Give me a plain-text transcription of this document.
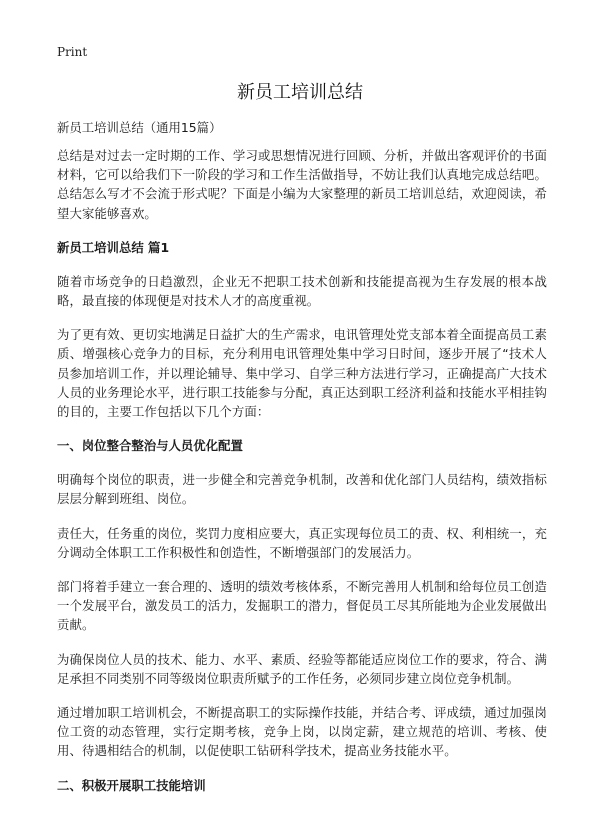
Print
新员工培训总结

新员工培训总结（通用15篇）

总结是对过去一定时期的工作、学习或思想情况进行回顾、分析，并做出客观评价的书面材料，它可以给我们下一阶段的学习和工作生活做指导，不妨让我们认真地完成总结吧。总结怎么写才不会流于形式呢？下面是小编为大家整理的新员工培训总结，欢迎阅读，希望大家能够喜欢。

新员工培训总结 篇1

随着市场竞争的日趋激烈，企业无不把职工技术创新和技能提高视为生存发展的根本战略，最直接的体现便是对技术人才的高度重视。

为了更有效、更切实地满足日益扩大的生产需求，电讯管理处党支部本着全面提高员工素质、增强核心竞争力的目标，充分利用电讯管理处集中学习日时间，逐步开展了“技术人员参加培训工作，并以理论辅导、集中学习、自学三种方法进行学习，正确提高广大技术人员的业务理论水平，进行职工技能参与分配，真正达到职工经济利益和技能水平相挂钩的目的，主要工作包括以下几个方面：

一、岗位整合整治与人员优化配置

明确每个岗位的职责，进一步健全和完善竞争机制，改善和优化部门人员结构，绩效指标层层分解到班组、岗位。

责任大，任务重的岗位，奖罚力度相应要大，真正实现每位员工的责、权、利相统一，充分调动全体职工工作积极性和创造性，不断增强部门的发展活力。

部门将着手建立一套合理的、透明的绩效考核体系，不断完善用人机制和给每位员工创造一个发展平台，激发员工的活力，发掘职工的潜力，督促员工尽其所能地为企业发展做出贡献。

为确保岗位人员的技术、能力、水平、素质、经验等都能适应岗位工作的要求，符合、满足承担不同类别不同等级岗位职责所赋予的工作任务，必须同步建立岗位竞争机制。

通过增加职工培训机会，不断提高职工的实际操作技能，并结合考、评成绩，通过加强岗位工资的动态管理，实行定期考核，竞争上岗，以岗定薪，建立规范的培训、考核、使用、待遇相结合的机制，以促使职工钻研科学技术，提高业务技能水平。

二、积极开展职工技能培训
